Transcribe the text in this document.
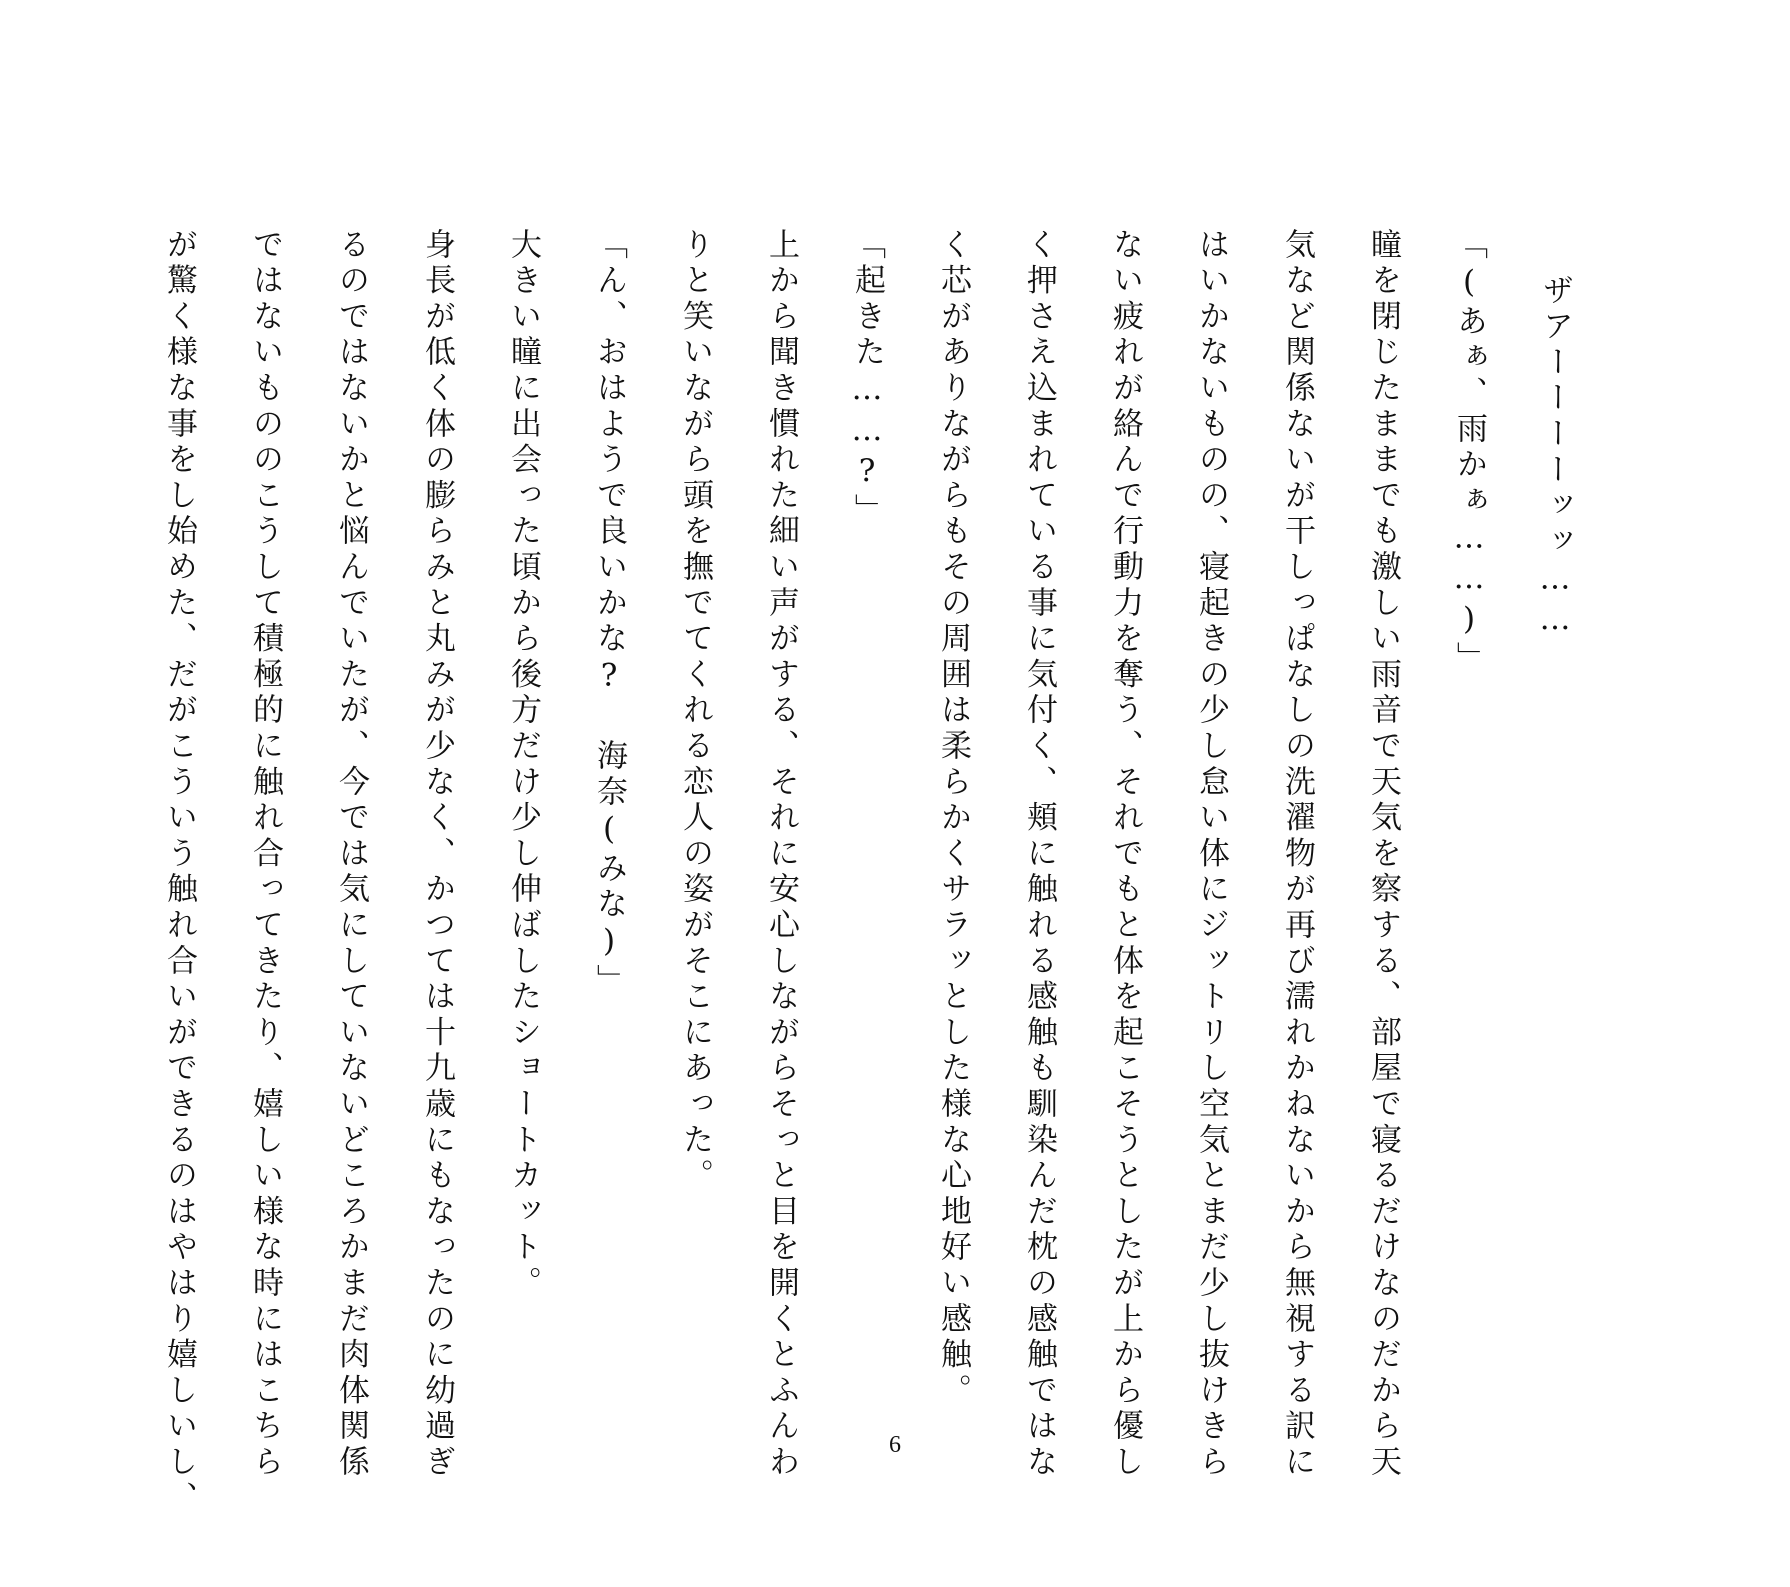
ザアーーーーッッ……
「(あぁ、雨かぁ……)」
瞳を閉じたままでも激しい雨音で天気を察する、部屋で寝るだけなのだから天
気など関係ないが干しっぱなしの洗濯物が再び濡れかねないから無視する訳に
はいかないものの、寝起きの少し怠い体にジットリし空気とまだ少し抜けきら
ない疲れが絡んで行動力を奪う、それでもと体を起こそうとしたが上から優し
く押さえ込まれている事に気付く、頬に触れる感触も馴染んだ枕の感触ではな
く芯がありながらもその周囲は柔らかくサラッとした様な心地好い感触。
「起きた……?」
上から聞き慣れた細い声がする、それに安心しながらそっと目を開くとふんわ
りと笑いながら頭を撫でてくれる恋人の姿がそこにあった。
「ん、おはようで良いかな? 海奈(みな)」
大きい瞳に出会った頃から後方だけ少し伸ばしたショートカット。
身長が低く体の膨らみと丸みが少なく、かつては十九歳にもなったのに幼過ぎ
るのではないかと悩んでいたが、今では気にしていないどころかまだ肉体関係
ではないもののこうして積極的に触れ合ってきたり、嬉しい様な時にはこちら
が驚く様な事をし始めた、だがこういう触れ合いができるのはやはり嬉しいし、	6
